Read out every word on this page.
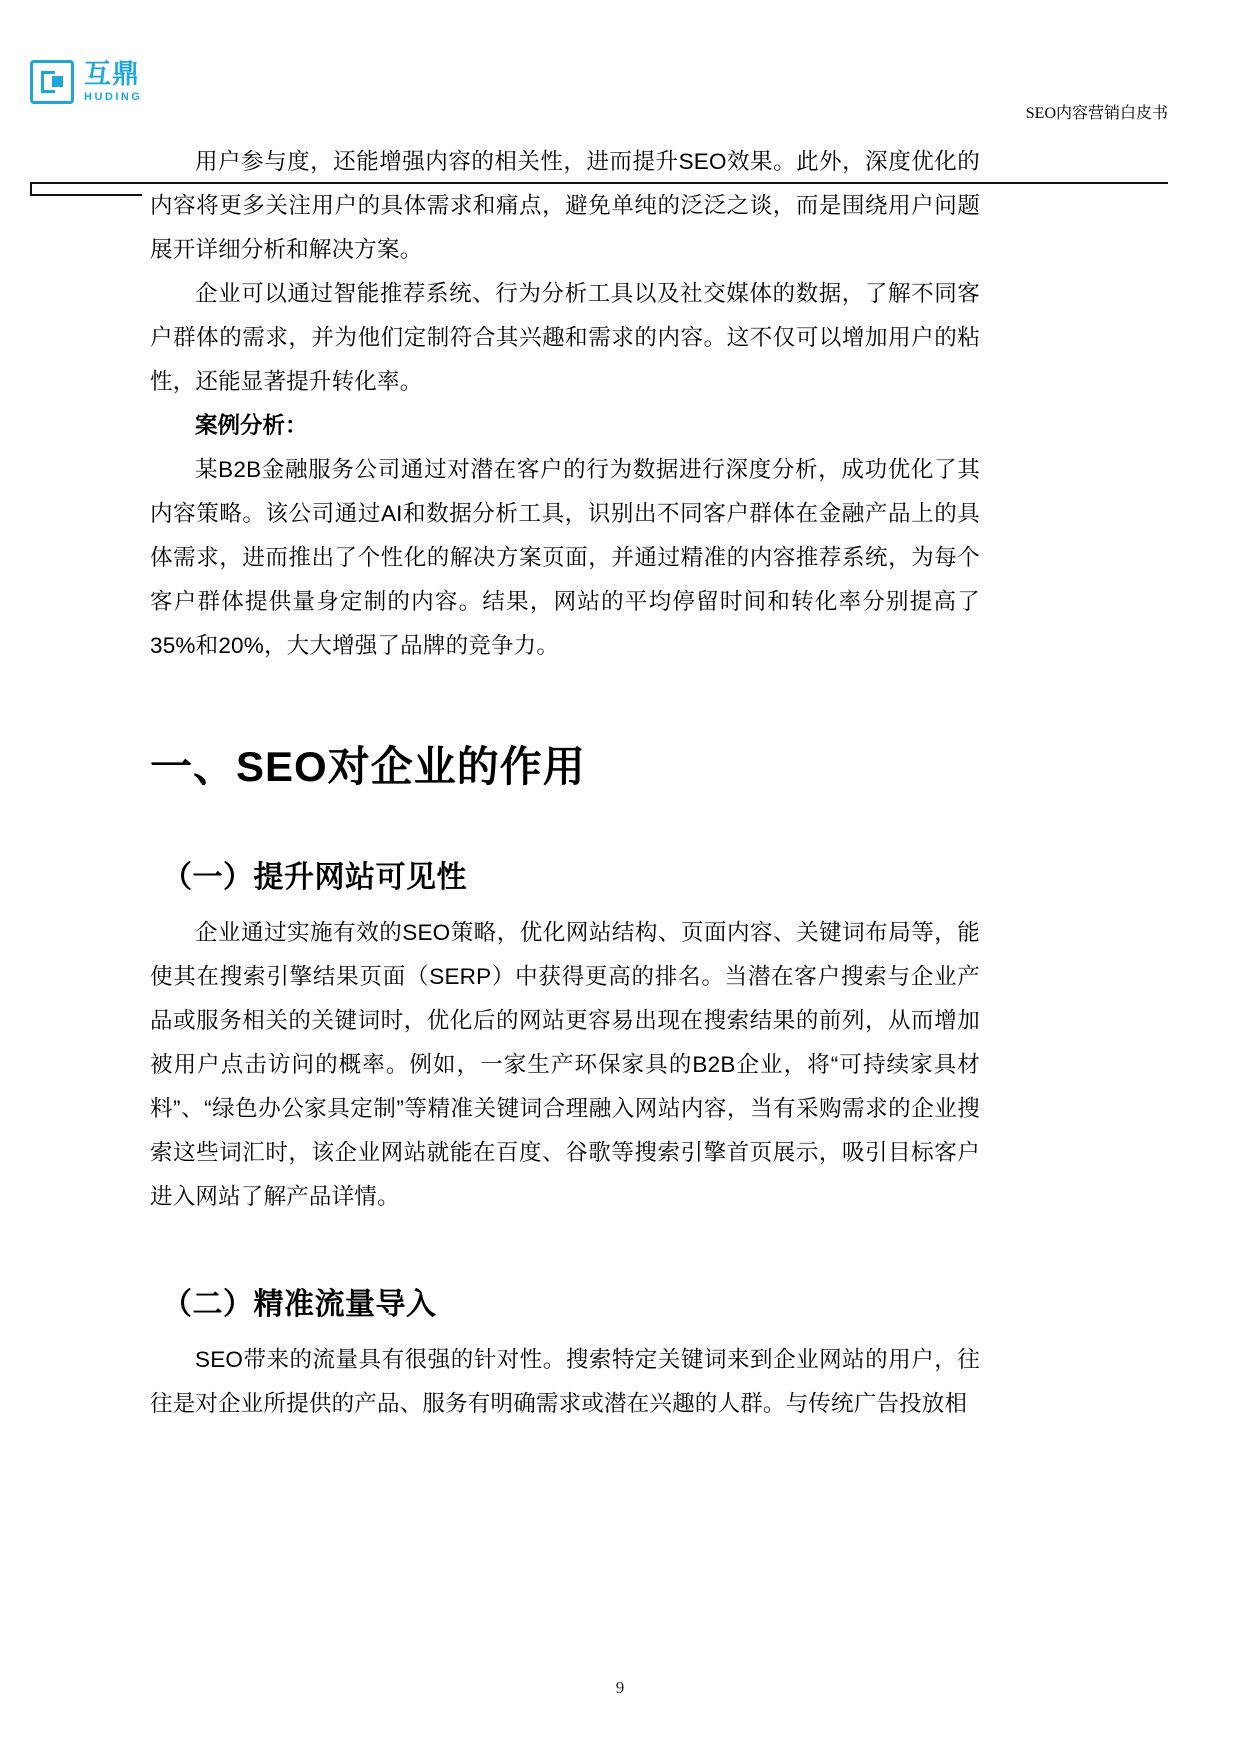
互鼎
HUDING
SEO内容营销白皮书

用户参与度，还能增强内容的相关性，进而提升SEO效果。此外，深度优化的内容将更多关注用户的具体需求和痛点，避免单纯的泛泛之谈，而是围绕用户问题展开详细分析和解决方案。

企业可以通过智能推荐系统、行为分析工具以及社交媒体的数据，了解不同客户群体的需求，并为他们定制符合其兴趣和需求的内容。这不仅可以增加用户的粘性，还能显著提升转化率。

案例分析：

某B2B金融服务公司通过对潜在客户的行为数据进行深度分析，成功优化了其内容策略。该公司通过AI和数据分析工具，识别出不同客户群体在金融产品上的具体需求，进而推出了个性化的解决方案页面，并通过精准的内容推荐系统，为每个客户群体提供量身定制的内容。结果，网站的平均停留时间和转化率分别提高了35%和20%，大大增强了品牌的竞争力。

一、SEO对企业的作用
（一）提升网站可见性

企业通过实施有效的SEO策略，优化网站结构、页面内容、关键词布局等，能使其在搜索引擎结果页面（SERP）中获得更高的排名。当潜在客户搜索与企业产品或服务相关的关键词时，优化后的网站更容易出现在搜索结果的前列，从而增加被用户点击访问的概率。例如，一家生产环保家具的B2B企业，将“可持续家具材料”、“绿色办公家具定制”等精准关键词合理融入网站内容，当有采购需求的企业搜索这些词汇时，该企业网站就能在百度、谷歌等搜索引擎首页展示，吸引目标客户进入网站了解产品详情。

（二）精准流量导入

SEO带来的流量具有很强的针对性。搜索特定关键词来到企业网站的用户，往往是对企业所提供的产品、服务有明确需求或潜在兴趣的人群。与传统广告投放相

9
